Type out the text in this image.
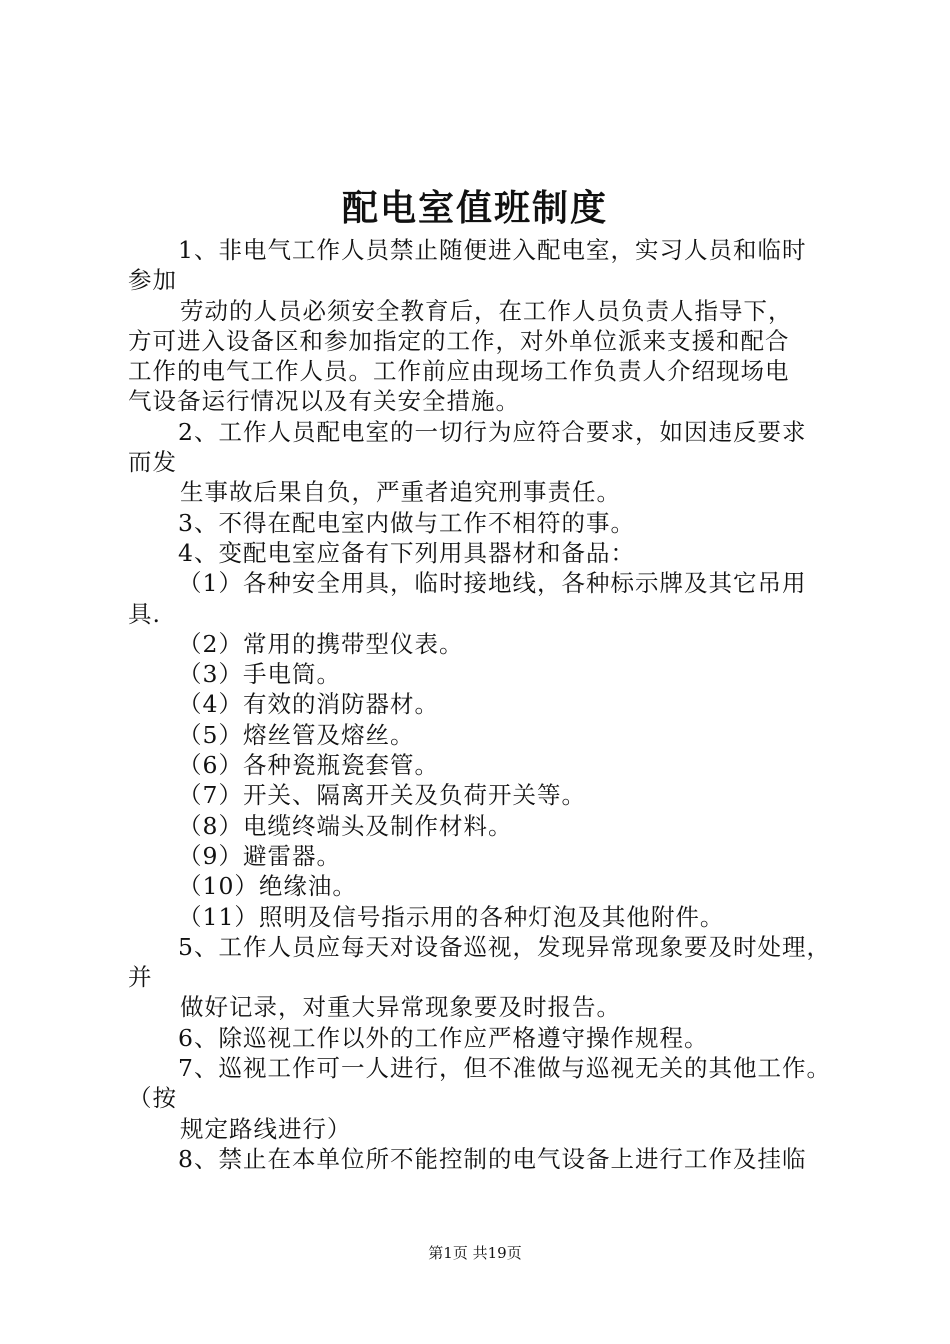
配电室值班制度
1、非电气工作人员禁止随便进入配电室，实习人员和临时
参加
劳动的人员必须安全教育后，在工作人员负责人指导下，
方可进入设备区和参加指定的工作，对外单位派来支援和配合
工作的电气工作人员。工作前应由现场工作负责人介绍现场电
气设备运行情况以及有关安全措施。
2、工作人员配电室的一切行为应符合要求，如因违反要求
而发
生事故后果自负，严重者追究刑事责任。
3、不得在配电室内做与工作不相符的事。
4、变配电室应备有下列用具器材和备品：
（1）各种安全用具，临时接地线，各种标示牌及其它吊用
具.
（2）常用的携带型仪表。
（3）手电筒。
（4）有效的消防器材。
（5）熔丝管及熔丝。
（6）各种瓷瓶瓷套管。
（7）开关、隔离开关及负荷开关等。
（8）电缆终端头及制作材料。
（9）避雷器。
（10）绝缘油。
（11）照明及信号指示用的各种灯泡及其他附件。
5、工作人员应每天对设备巡视，发现异常现象要及时处理，
并
做好记录，对重大异常现象要及时报告。
6、除巡视工作以外的工作应严格遵守操作规程。
7、巡视工作可一人进行，但不准做与巡视无关的其他工作。
（按
规定路线进行）
8、禁止在本单位所不能控制的电气设备上进行工作及挂临
第1页 共19页
